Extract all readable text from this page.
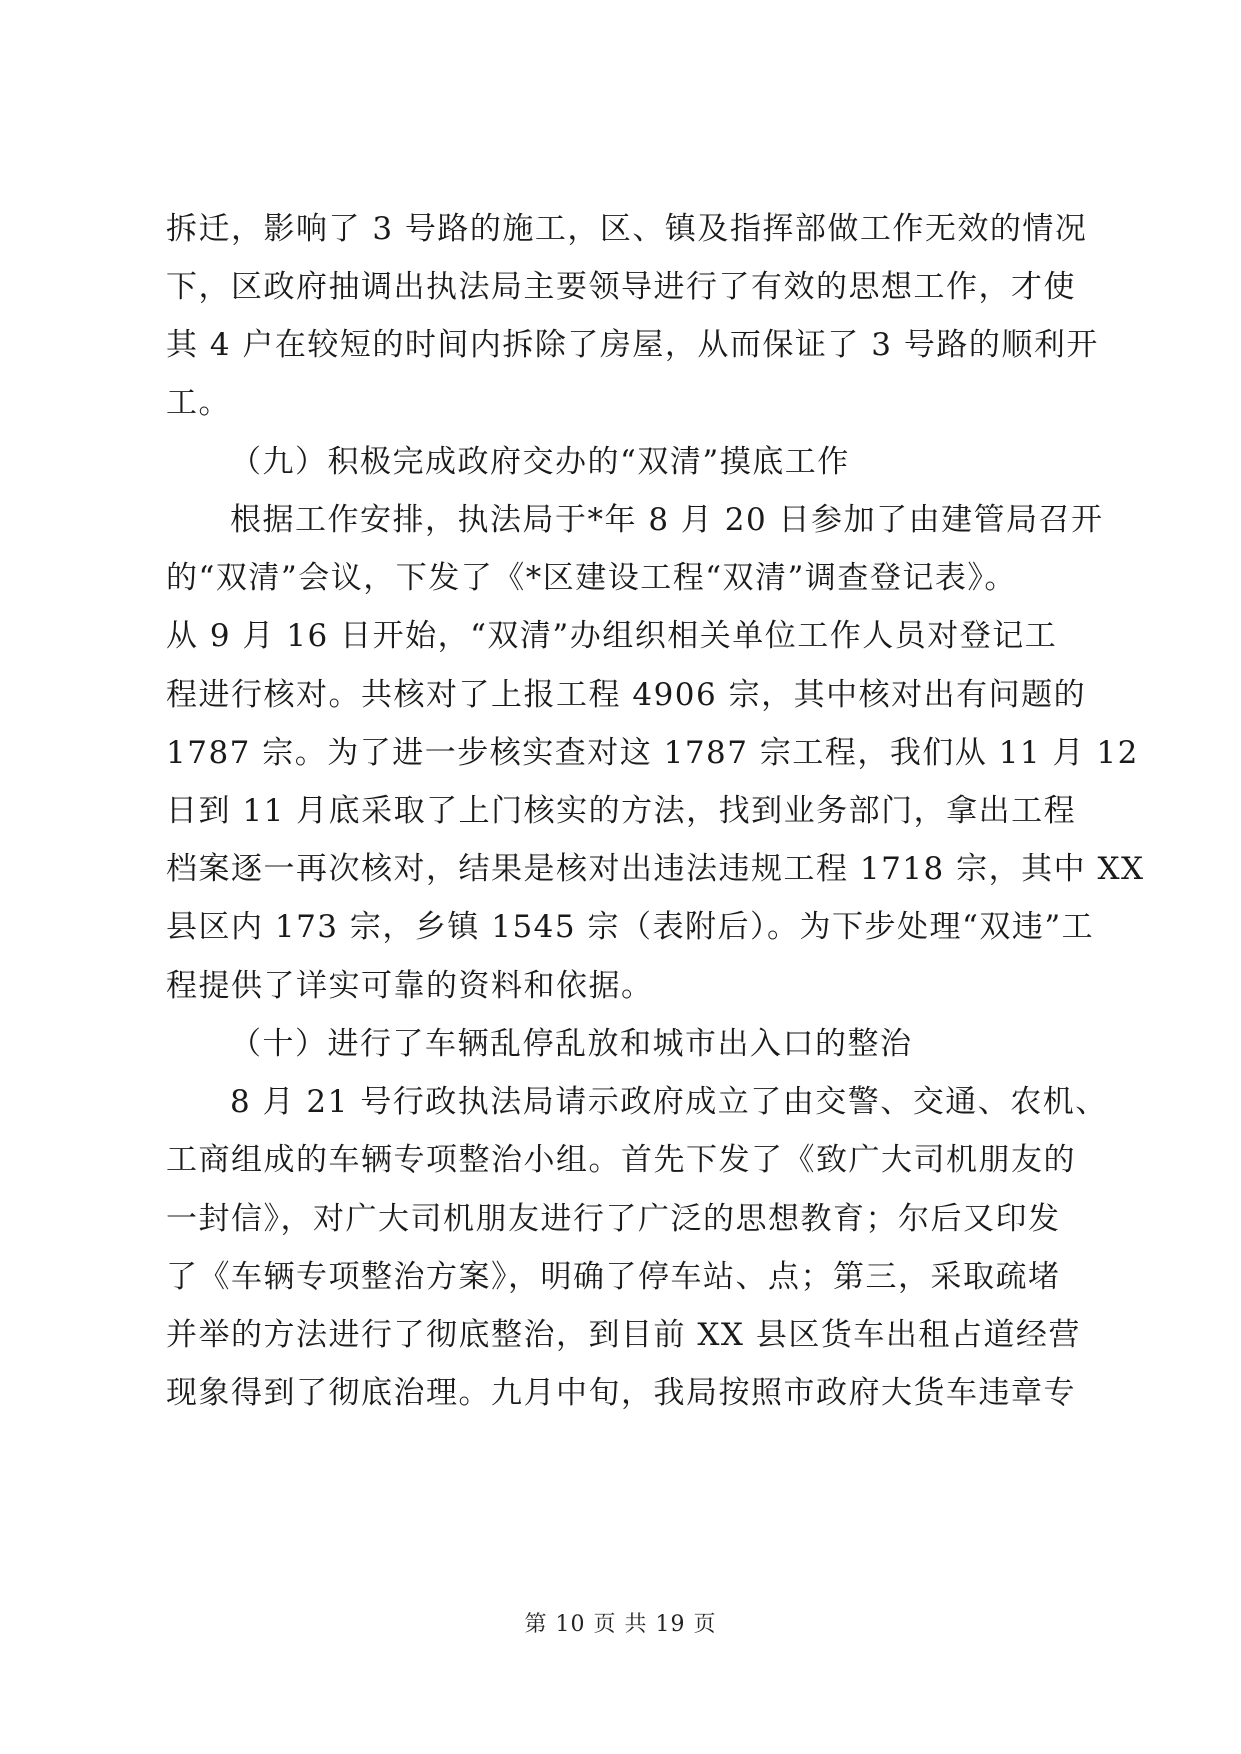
拆迁，影响了 3 号路的施工，区、镇及指挥部做工作无效的情况
下，区政府抽调出执法局主要领导进行了有效的思想工作，才使
其 4 户在较短的时间内拆除了房屋，从而保证了 3 号路的顺利开
工。
（九）积极完成政府交办的“双清”摸底工作
根据工作安排，执法局于*年 8 月 20 日参加了由建管局召开
的“双清”会议，下发了《*区建设工程“双清”调查登记表》。
从 9 月 16 日开始，“双清”办组织相关单位工作人员对登记工
程进行核对。共核对了上报工程 4906 宗，其中核对出有问题的
1787 宗。为了进一步核实查对这 1787 宗工程，我们从 11 月 12
日到 11 月底采取了上门核实的方法，找到业务部门，拿出工程
档案逐一再次核对，结果是核对出违法违规工程 1718 宗，其中 XX
县区内 173 宗，乡镇 1545 宗（表附后）。为下步处理“双违”工
程提供了详实可靠的资料和依据。
（十）进行了车辆乱停乱放和城市出入口的整治
8 月 21 号行政执法局请示政府成立了由交警、交通、农机、
工商组成的车辆专项整治小组。首先下发了《致广大司机朋友的
一封信》，对广大司机朋友进行了广泛的思想教育；尔后又印发
了《车辆专项整治方案》，明确了停车站、点；第三，采取疏堵
并举的方法进行了彻底整治，到目前 XX 县区货车出租占道经营
现象得到了彻底治理。九月中旬，我局按照市政府大货车违章专
第 10 页 共 19 页
